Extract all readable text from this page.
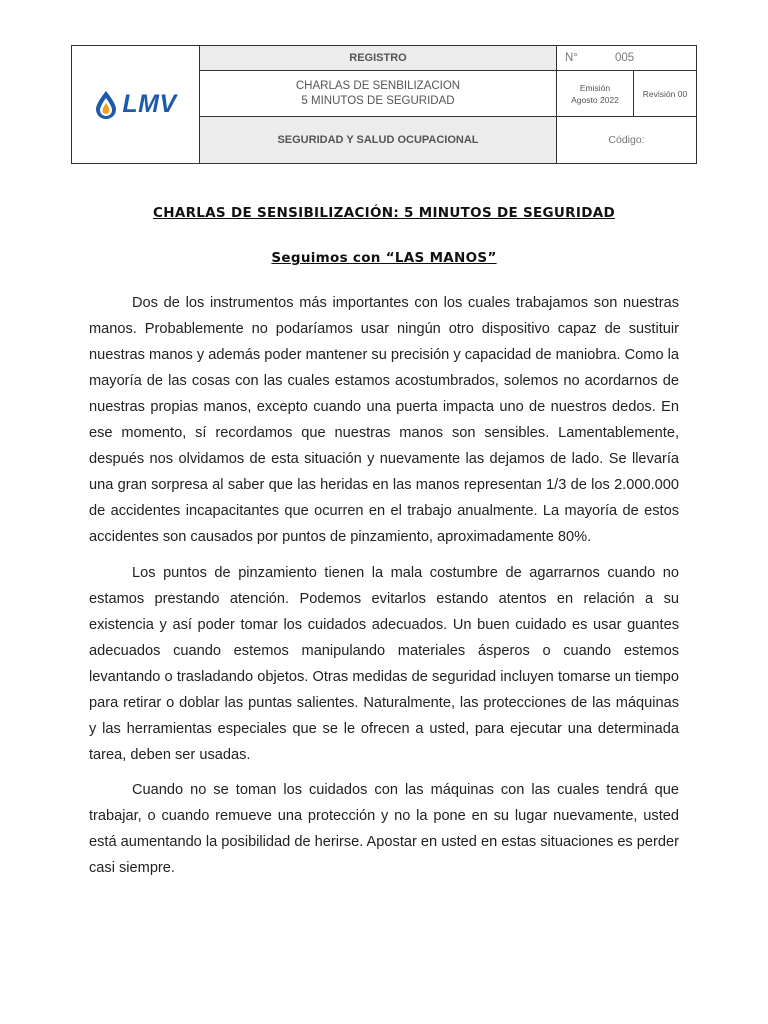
LMV
REGISTRO
CHARLAS DE SENBILIZACION
5 MINUTOS DE SEGURIDAD
SEGURIDAD Y SALUD OCUPACIONAL
N°	005
Emisión
Agosto 2022
Revisión 00
Código:
CHARLAS DE SENSIBILIZACIÓN: 5 MINUTOS DE SEGURIDAD
Seguimos con “LAS MANOS”

Dos de los instrumentos más importantes con los cuales trabajamos son nuestras manos. Probablemente no podaríamos usar ningún otro dispositivo capaz de sustituir nuestras manos y además poder mantener su precisión y capacidad de maniobra. Como la mayoría de las cosas con las cuales estamos acostumbrados, solemos no acordarnos de nuestras propias manos, excepto cuando una puerta impacta uno de nuestros dedos. En ese momento, sí recordamos que nuestras manos son sensibles. Lamentablemente, después nos olvidamos de esta situación y nuevamente las dejamos de lado. Se llevaría una gran sorpresa al saber que las heridas en las manos representan 1/3 de los 2.000.000 de accidentes incapacitantes que ocurren en el trabajo anualmente. La mayoría de estos accidentes son causados por puntos de pinzamiento, aproximadamente 80%.

Los puntos de pinzamiento tienen la mala costumbre de agarrarnos cuando no estamos prestando atención. Podemos evitarlos estando atentos en relación a su existencia y así poder tomar los cuidados adecuados. Un buen cuidado es usar guantes adecuados cuando estemos manipulando materiales ásperos o cuando estemos levantando o trasladando objetos. Otras medidas de seguridad incluyen tomarse un tiempo para retirar o doblar las puntas salientes. Naturalmente, las protecciones de las máquinas y las herramientas especiales que se le ofrecen a usted, para ejecutar una determinada tarea, deben ser usadas.

Cuando no se toman los cuidados con las máquinas con las cuales tendrá que trabajar, o cuando remueve una protección y no la pone en su lugar nuevamente, usted está aumentando la posibilidad de herirse. Apostar en usted en estas situaciones es perder casi siempre.
